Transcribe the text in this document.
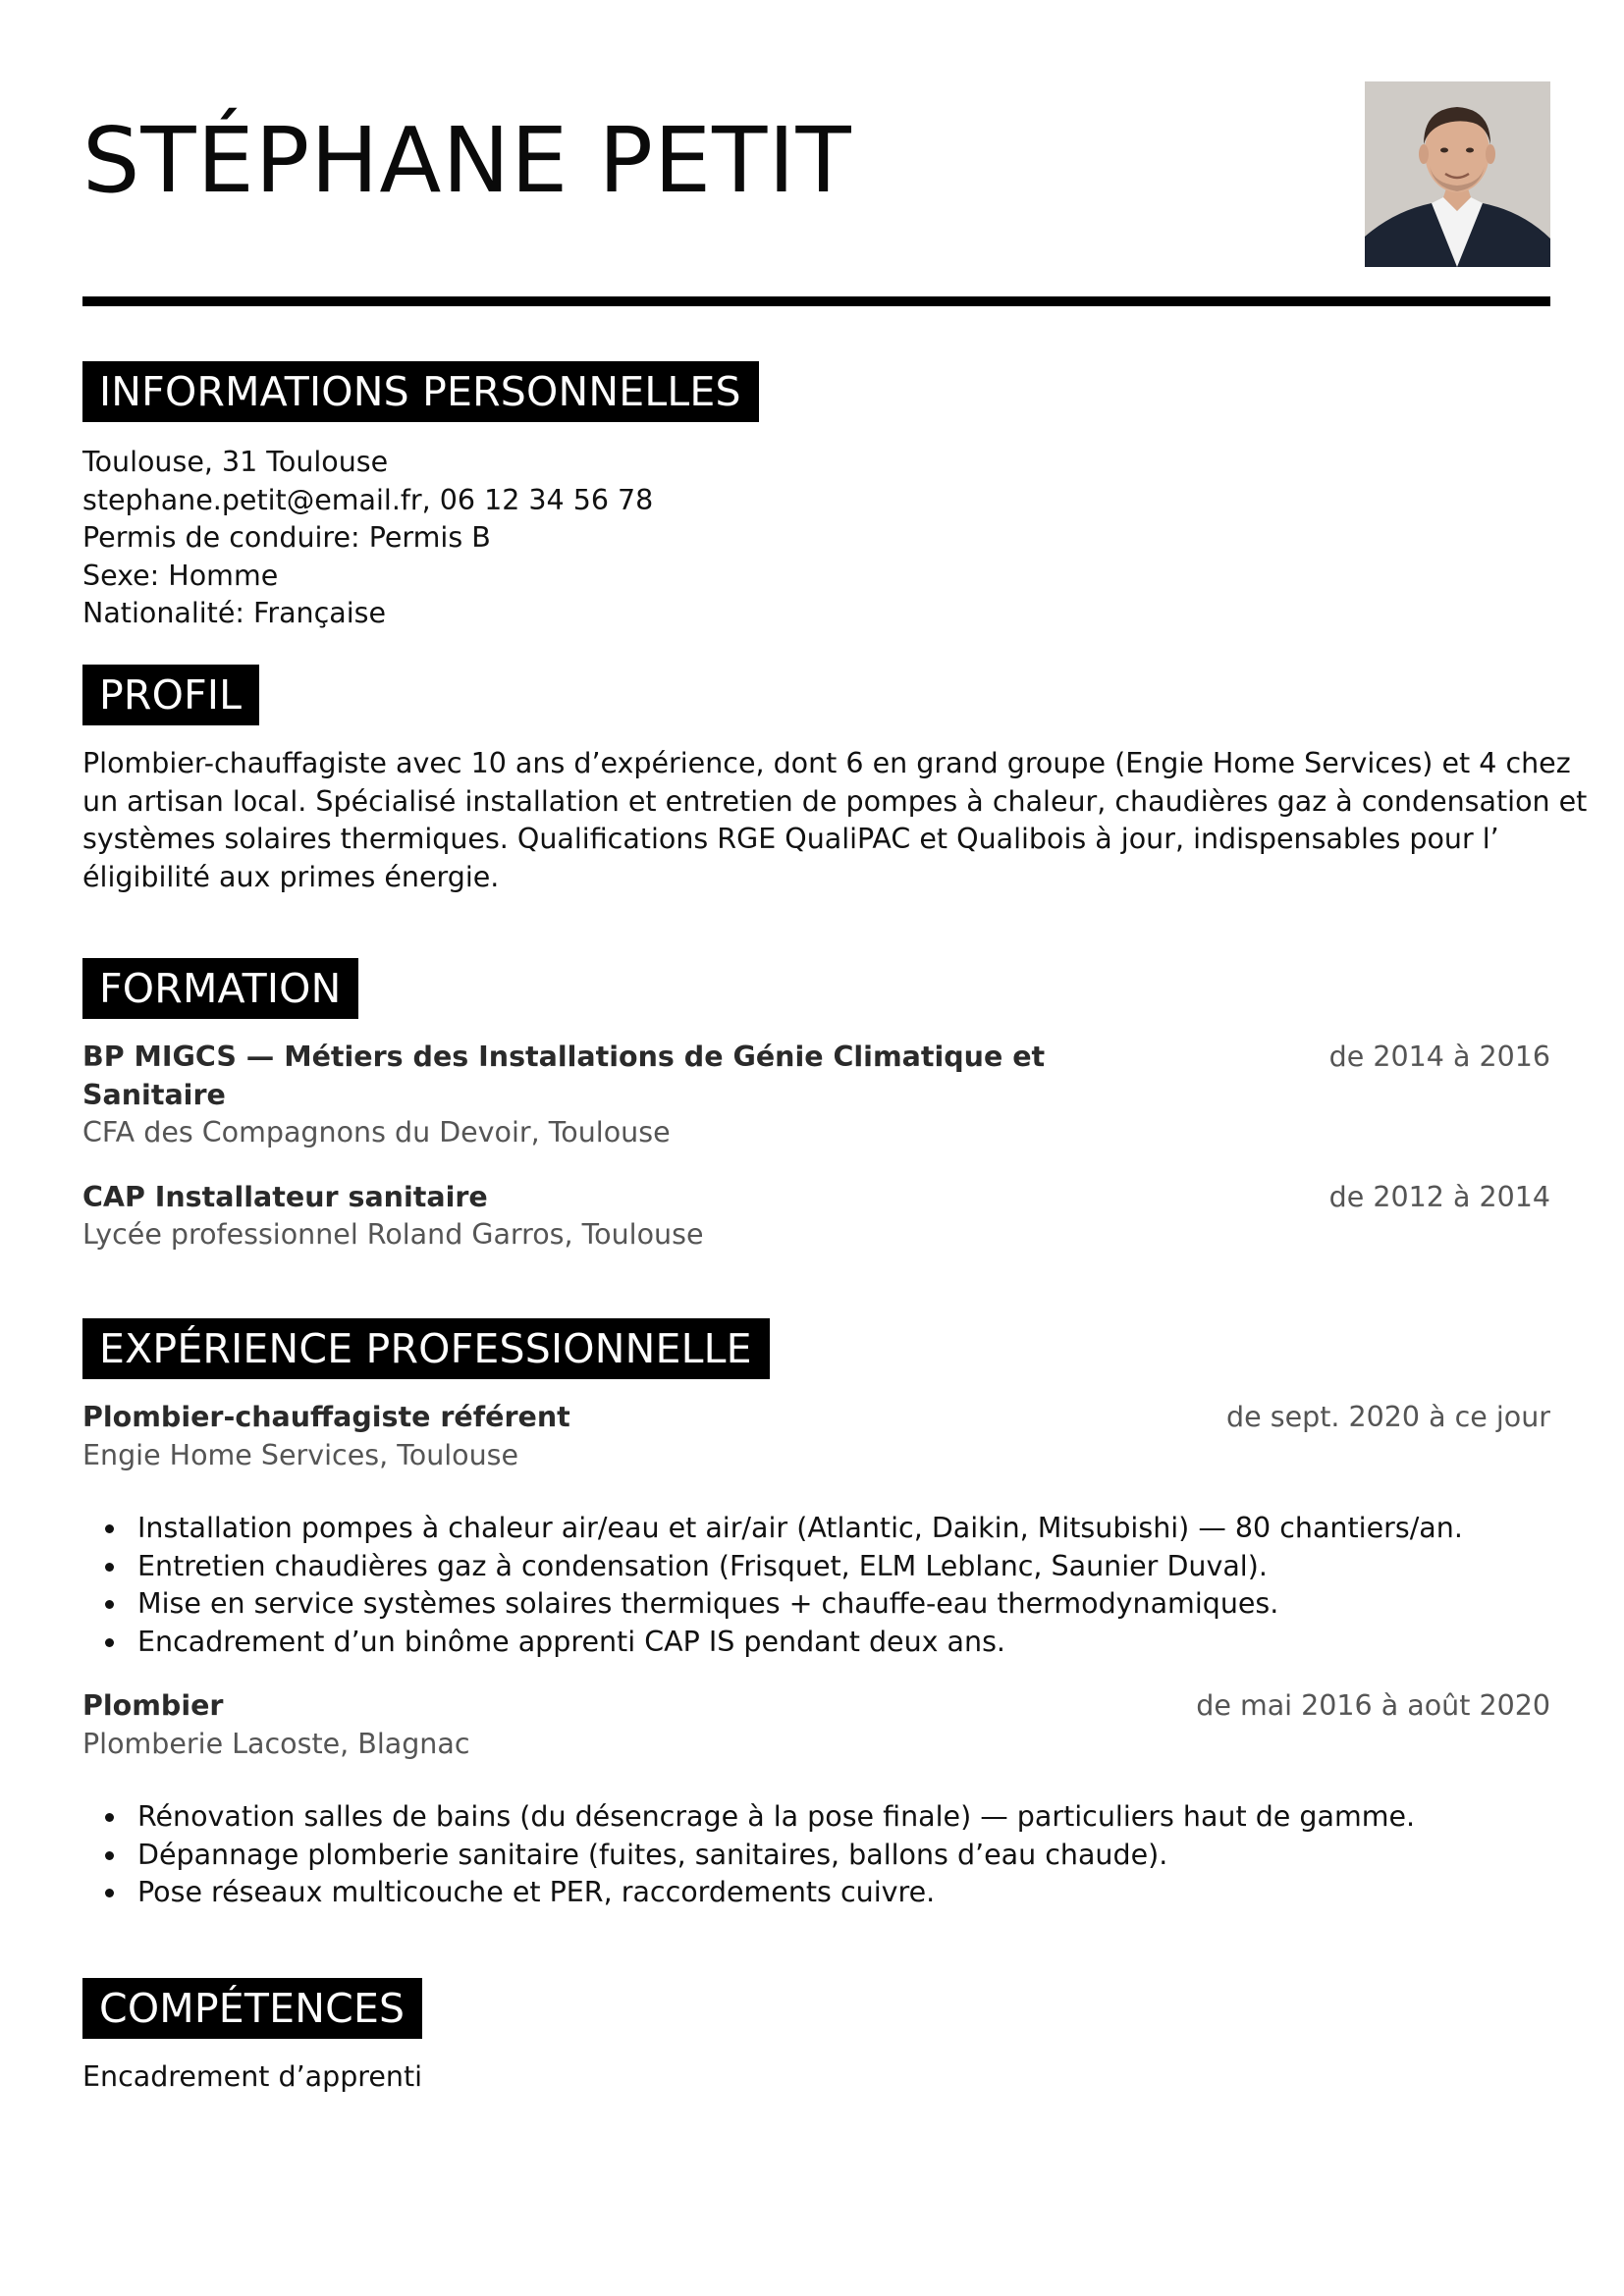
STÉPHANE PETIT
INFORMATIONS PERSONNELLES
Toulouse, 31 Toulouse
stephane.petit@email.fr, 06 12 34 56 78
Permis de conduire: Permis B
Sexe: Homme
Nationalité: Française
PROFIL
Plombier-chauffagiste avec 10 ans d’expérience, dont 6 en grand groupe (Engie Home Services) et 4 chez
un artisan local. Spécialisé installation et entretien de pompes à chaleur, chaudières gaz à condensation et
systèmes solaires thermiques. Qualifications RGE QualiPAC et Qualibois à jour, indispensables pour l’
éligibilité aux primes énergie.
FORMATION
BP MIGCS — Métiers des Installations de Génie Climatique et
Sanitaire
CFA des Compagnons du Devoir, Toulouse
de 2014 à 2016
CAP Installateur sanitaire
Lycée professionnel Roland Garros, Toulouse
de 2012 à 2014
EXPÉRIENCE PROFESSIONNELLE
Plombier-chauffagiste référent
Engie Home Services, Toulouse
de sept. 2020 à ce jour
Installation pompes à chaleur air/eau et air/air (Atlantic, Daikin, Mitsubishi) — 80 chantiers/an.
Entretien chaudières gaz à condensation (Frisquet, ELM Leblanc, Saunier Duval).
Mise en service systèmes solaires thermiques + chauffe-eau thermodynamiques.
Encadrement d’un binôme apprenti CAP IS pendant deux ans.
Plombier
Plomberie Lacoste, Blagnac
de mai 2016 à août 2020
Rénovation salles de bains (du désencrage à la pose finale) — particuliers haut de gamme.
Dépannage plomberie sanitaire (fuites, sanitaires, ballons d’eau chaude).
Pose réseaux multicouche et PER, raccordements cuivre.
COMPÉTENCES
Encadrement d’apprenti
